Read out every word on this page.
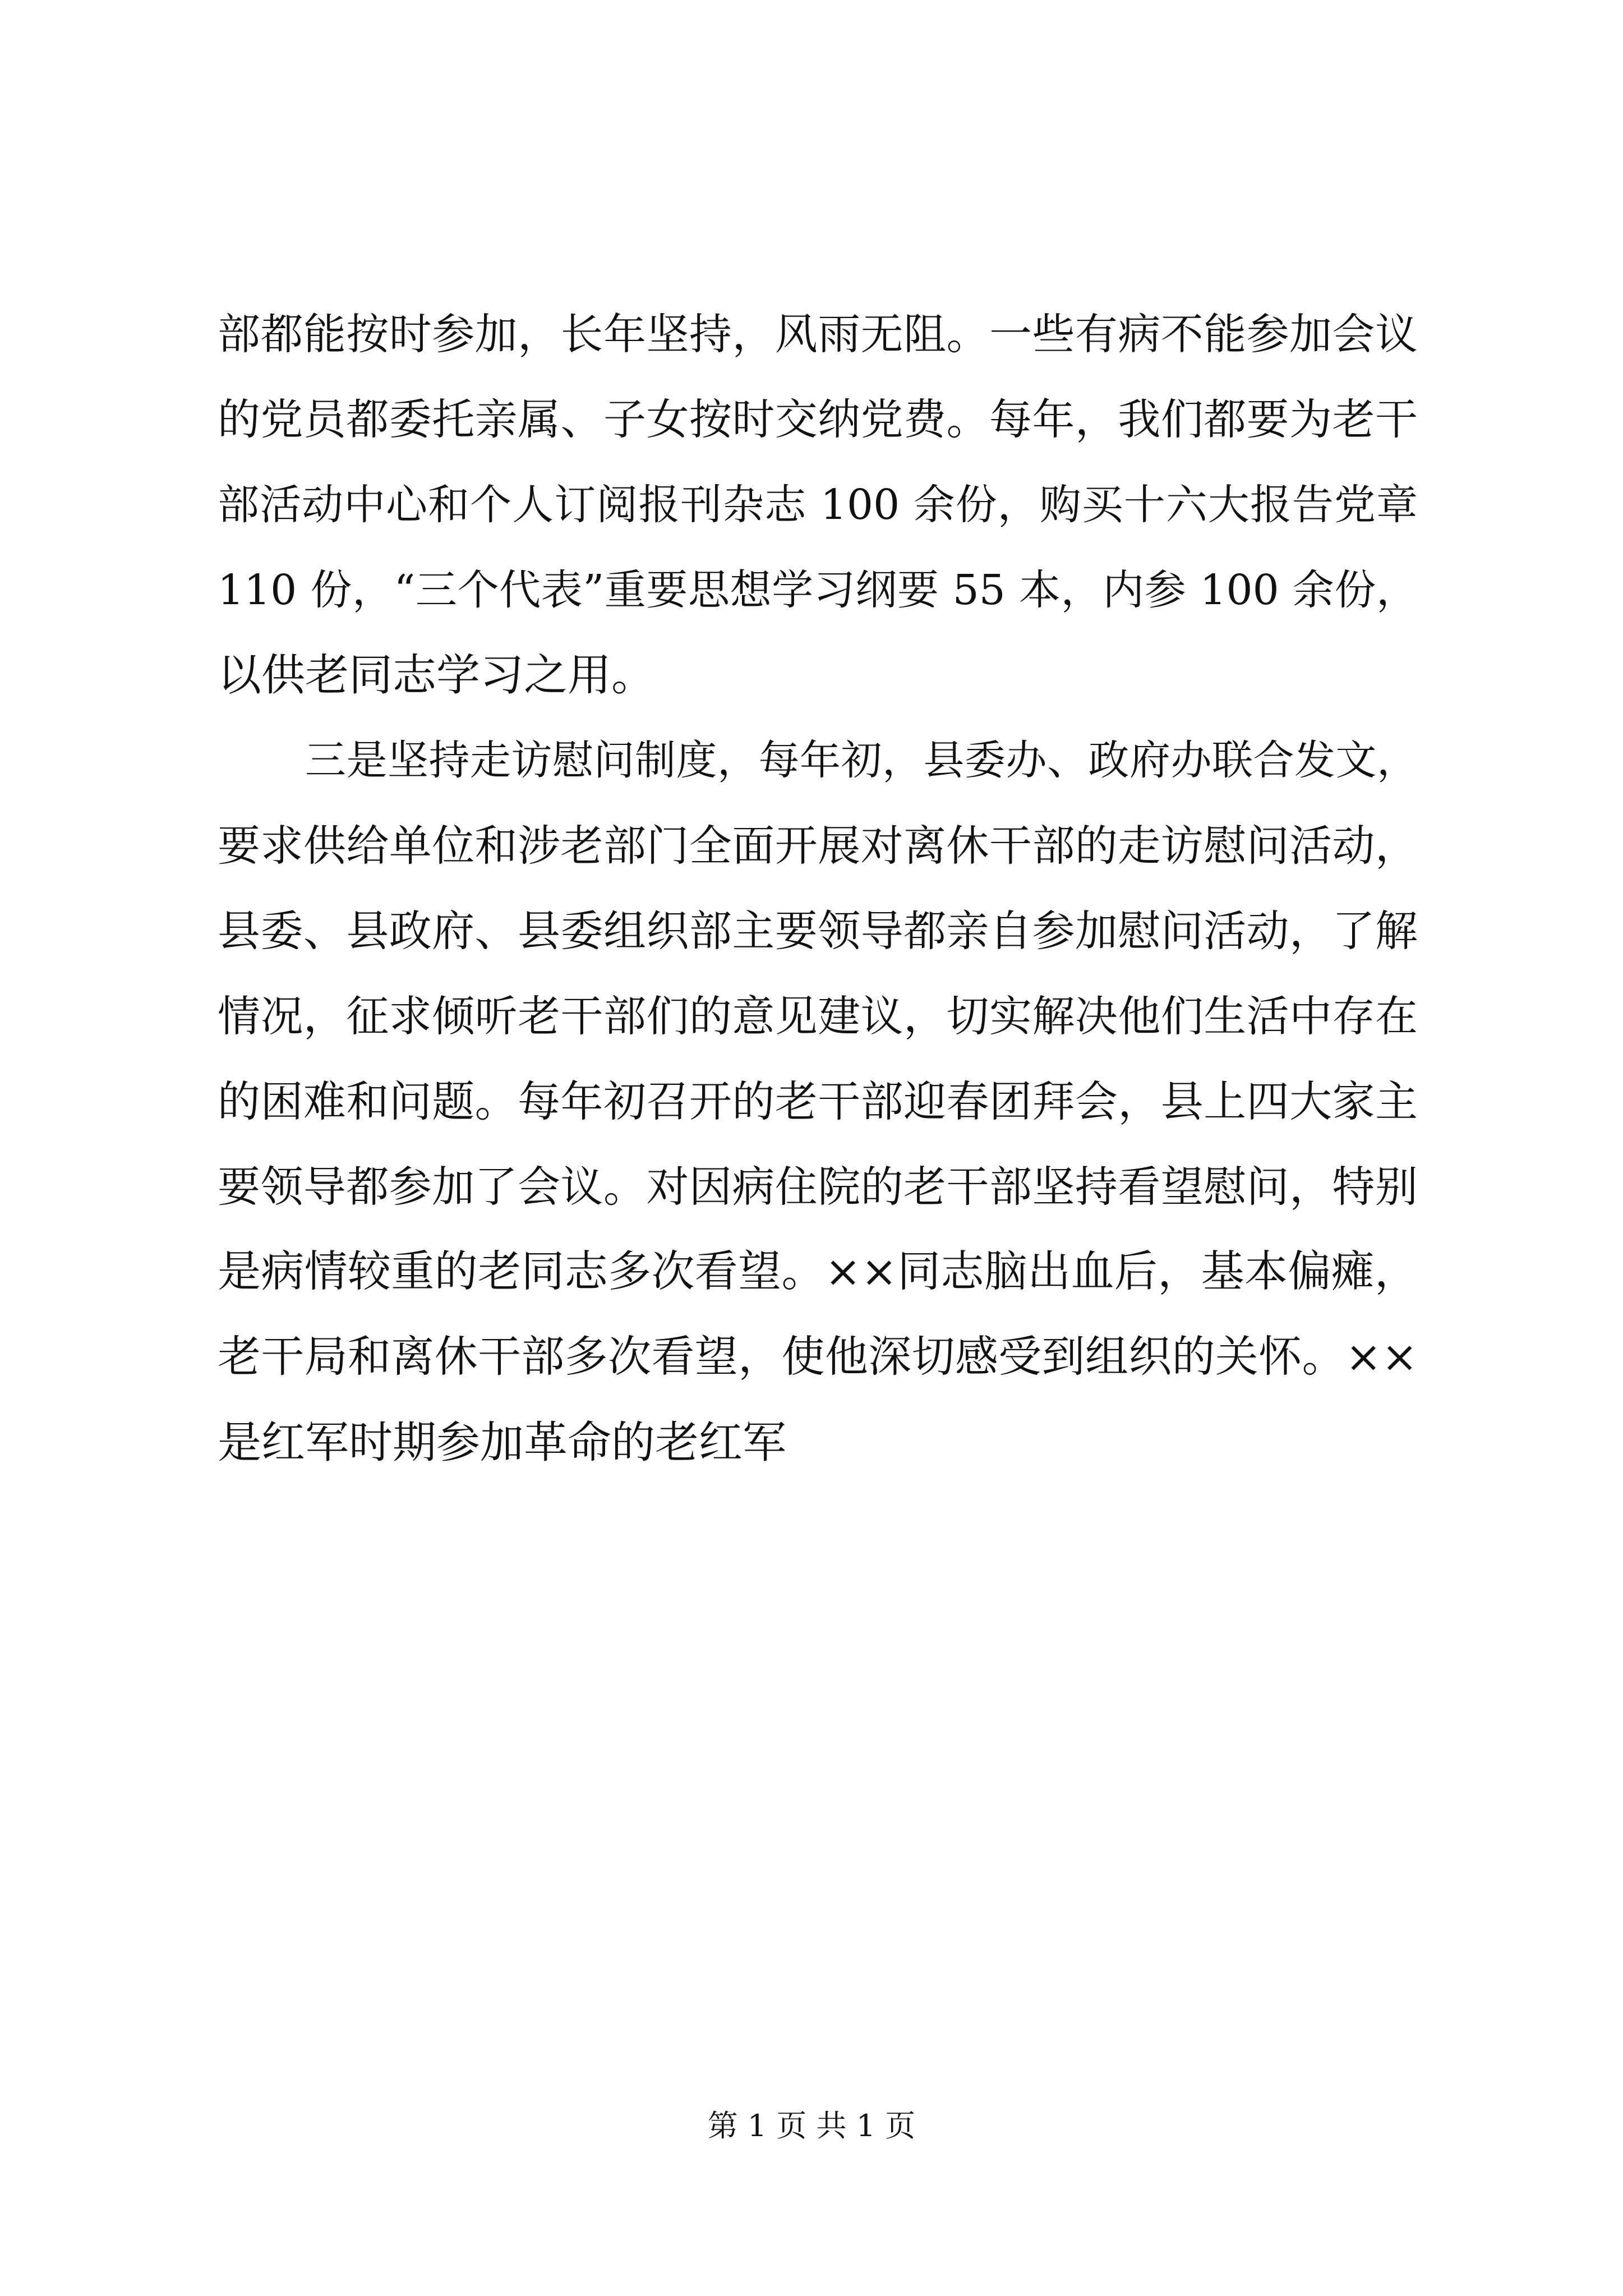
部都能按时参加，长年坚持，风雨无阻。一些有病不能参加会议
的党员都委托亲属、子女按时交纳党费。每年，我们都要为老干
部活动中心和个人订阅报刊杂志 100 余份，购买十六大报告党章
110 份，“三个代表”重要思想学习纲要 55 本，内参 100 余份，
以供老同志学习之用。
三是坚持走访慰问制度，每年初，县委办、政府办联合发文，
要求供给单位和涉老部门全面开展对离休干部的走访慰问活动，
县委、县政府、县委组织部主要领导都亲自参加慰问活动，了解
情况，征求倾听老干部们的意见建议，切实解决他们生活中存在
的困难和问题。每年初召开的老干部迎春团拜会，县上四大家主
要领导都参加了会议。对因病住院的老干部坚持看望慰问，特别
是病情较重的老同志多次看望。××同志脑出血后，基本偏瘫，
老干局和离休干部多次看望，使他深切感受到组织的关怀。××
是红军时期参加革命的老红军
第 1 页 共 1 页
